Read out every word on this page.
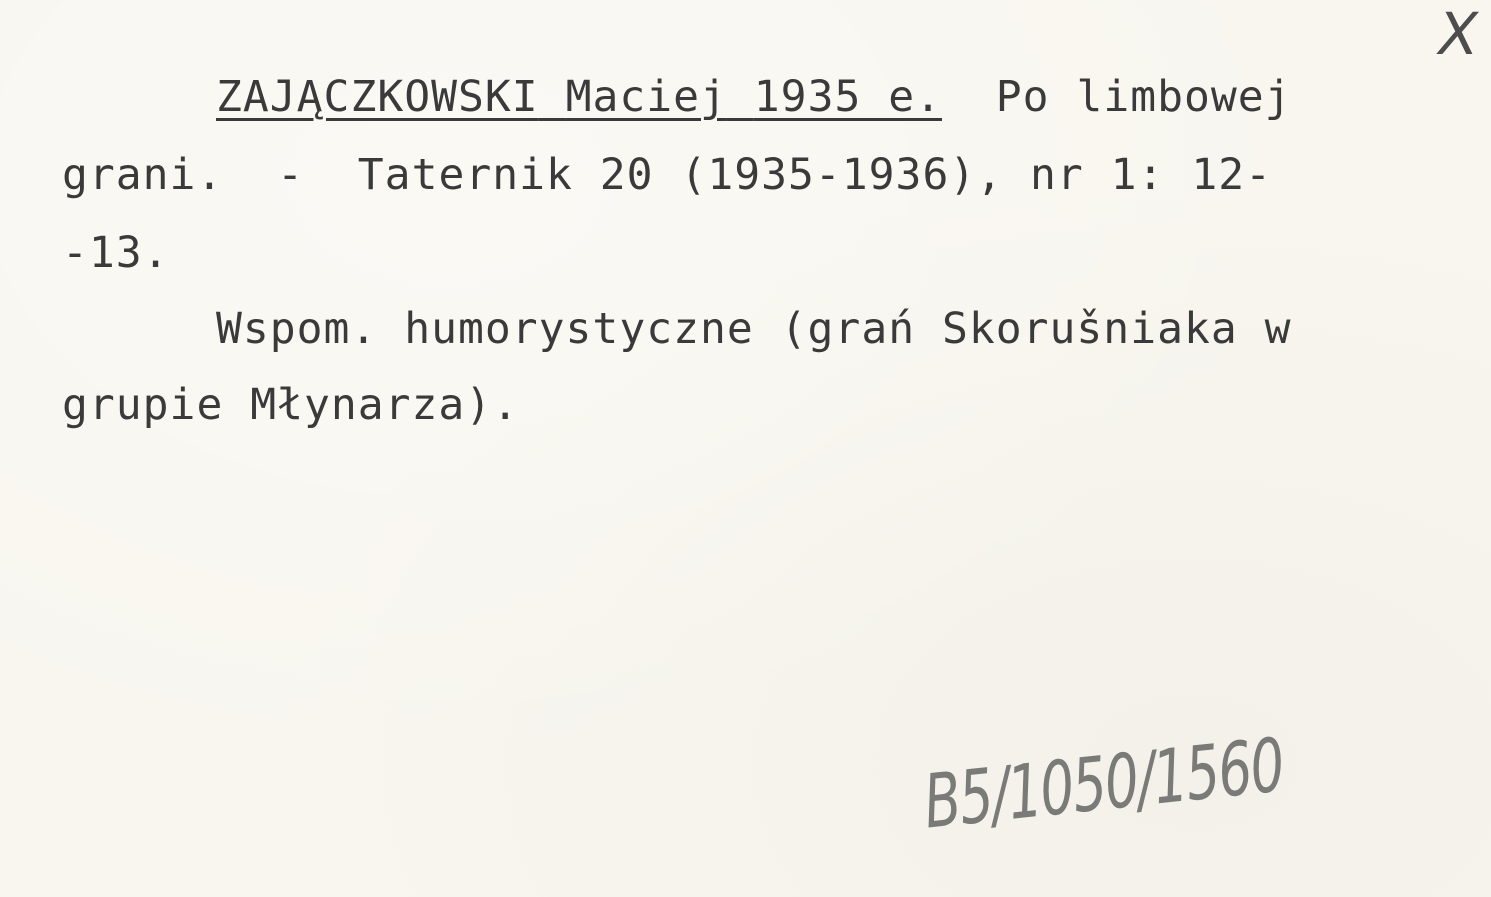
X
ZAJĄCZKOWSKI Maciej 1935 e. Po limbowej
grani. - Taternik 20 (1935-1936), nr 1: 12-
-13.
Wspom. humorystyczne (grań Skorušniaka w
grupie Młynarza).
B5/1050/1560
